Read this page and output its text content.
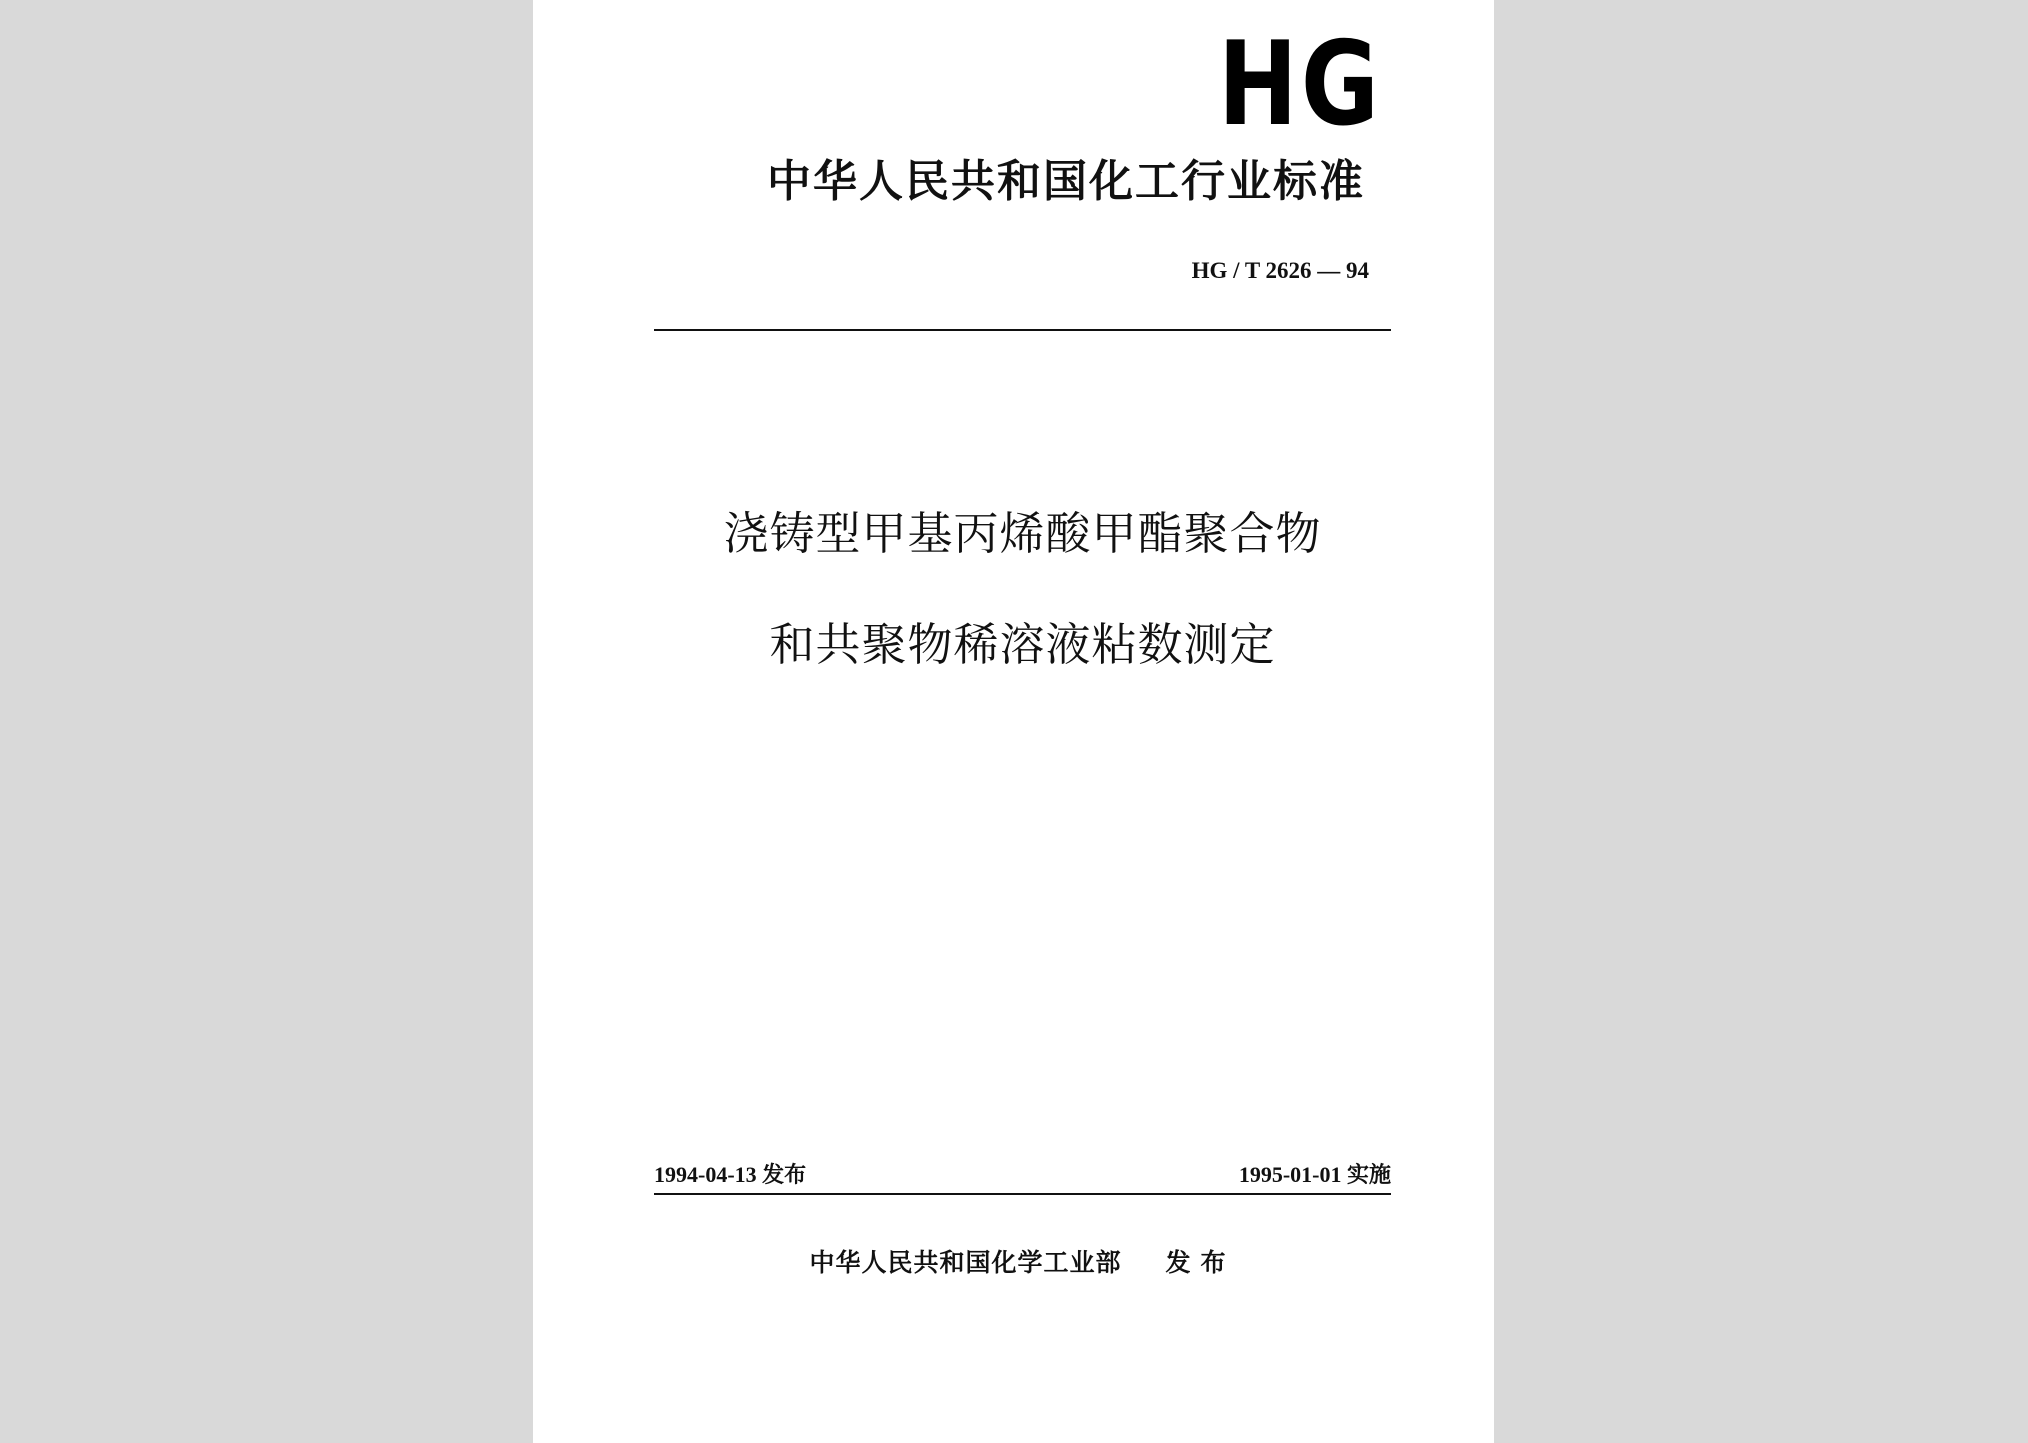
HG
中华人民共和国化工行业标准
HG / T 2626 — 94
浇铸型甲基丙烯酸甲酯聚合物
和共聚物稀溶液粘数测定
1994-04-13 发布	1995-01-01 实施
中华人民共和国化学工业部 发布
